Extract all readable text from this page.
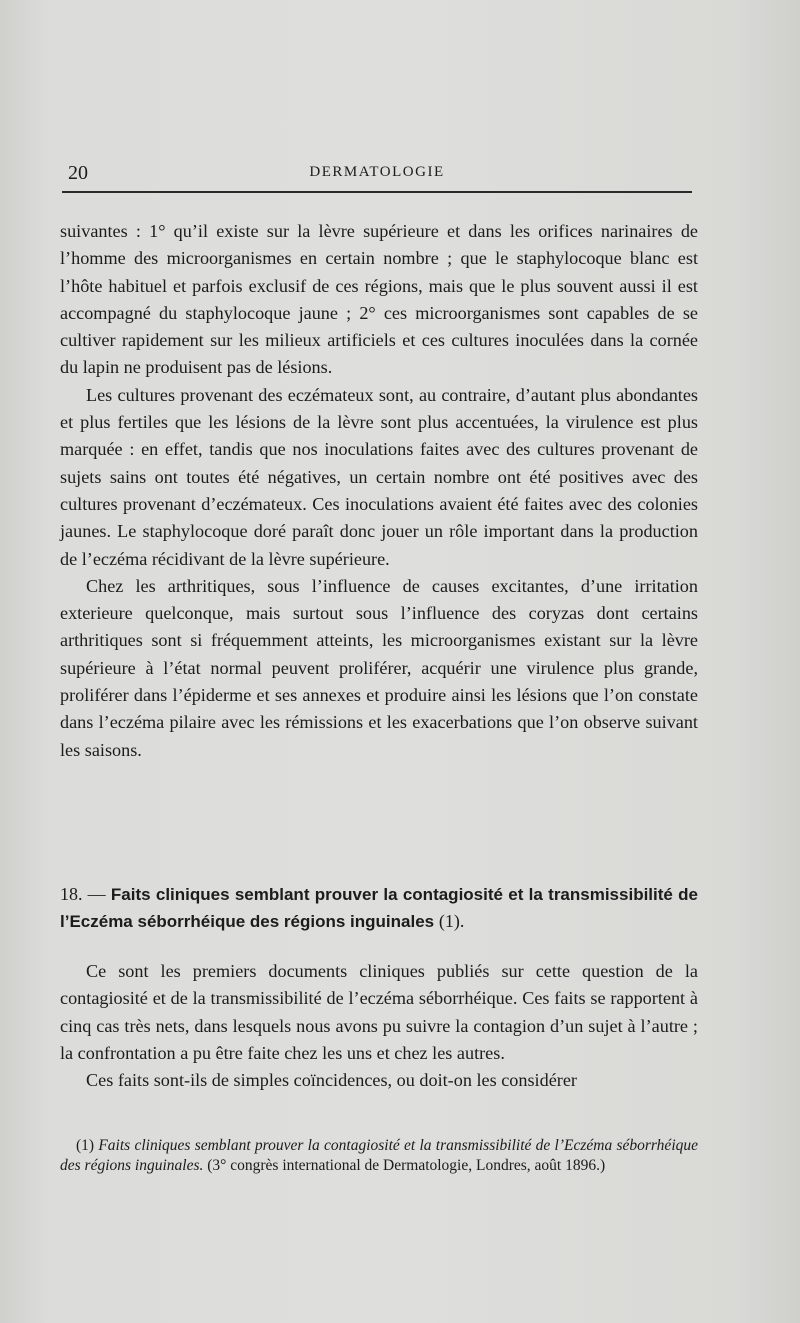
20	DERMATOLOGIE

suivantes : 1° qu’il existe sur la lèvre supérieure et dans les orifices narinaires de l’homme des microorganismes en certain nombre ; que le staphylocoque blanc est l’hôte habituel et parfois exclusif de ces régions, mais que le plus souvent aussi il est accompagné du staphylocoque jaune ; 2° ces microorganismes sont capables de se cultiver rapidement sur les milieux artificiels et ces cultures inoculées dans la cornée du lapin ne produisent pas de lésions.

Les cultures provenant des eczémateux sont, au contraire, d’autant plus abondantes et plus fertiles que les lésions de la lèvre sont plus accentuées, la virulence est plus marquée : en effet, tandis que nos inoculations faites avec des cultures provenant de sujets sains ont toutes été négatives, un certain nombre ont été positives avec des cultures provenant d’eczémateux. Ces inoculations avaient été faites avec des colonies jaunes. Le staphylocoque doré paraît donc jouer un rôle important dans la production de l’eczéma récidivant de la lèvre supérieure.

Chez les arthritiques, sous l’influence de causes excitantes, d’une irritation exterieure quelconque, mais surtout sous l’influence des coryzas dont certains arthritiques sont si fréquemment atteints, les microorganismes existant sur la lèvre supérieure à l’état normal peuvent proliférer, acquérir une virulence plus grande, proliférer dans l’épiderme et ses annexes et produire ainsi les lésions que l’on constate dans l’eczéma pilaire avec les rémissions et les exacerbations que l’on observe suivant les saisons.

18. — Faits cliniques semblant prouver la contagiosité et la transmissibilité de l’Eczéma séborrhéique des régions inguinales (1).

Ce sont les premiers documents cliniques publiés sur cette question de la contagiosité et de la transmissibilité de l’eczéma séborrhéique. Ces faits se rapportent à cinq cas très nets, dans lesquels nous avons pu suivre la contagion d’un sujet à l’autre ; la confrontation a pu être faite chez les uns et chez les autres.

Ces faits sont-ils de simples coïncidences, ou doit-on les considérer

(1) Faits cliniques semblant prouver la contagiosité et la transmissibilité de l’Eczéma séborrhéique des régions inguinales. (3° congrès international de Dermatologie, Londres, août 1896.)
